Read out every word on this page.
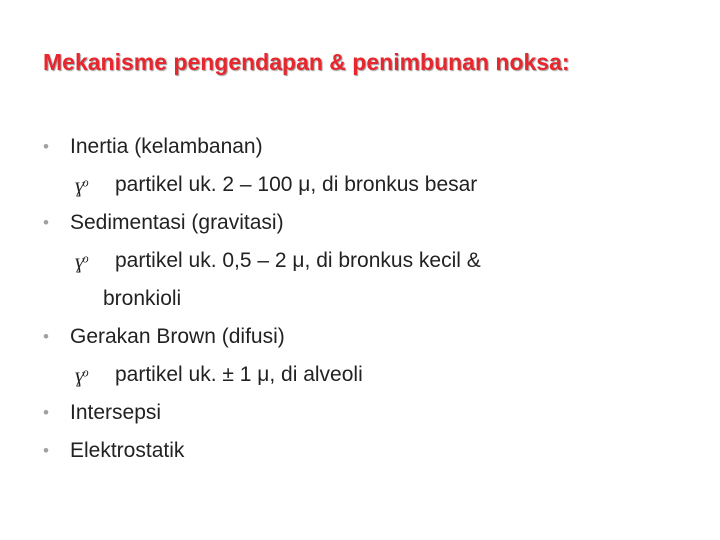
Mekanisme pengendapan & penimbunan noksa:
• Inertia (kelambanan)
ɣͦ partikel uk. 2 – 100 μ, di bronkus besar
• Sedimentasi (gravitasi)
ɣͦ partikel uk. 0,5 – 2 μ, di bronkus kecil &
bronkioli
• Gerakan Brown (difusi)
ɣͦ partikel uk. ± 1 μ, di alveoli
• Intersepsi
• Elektrostatik
